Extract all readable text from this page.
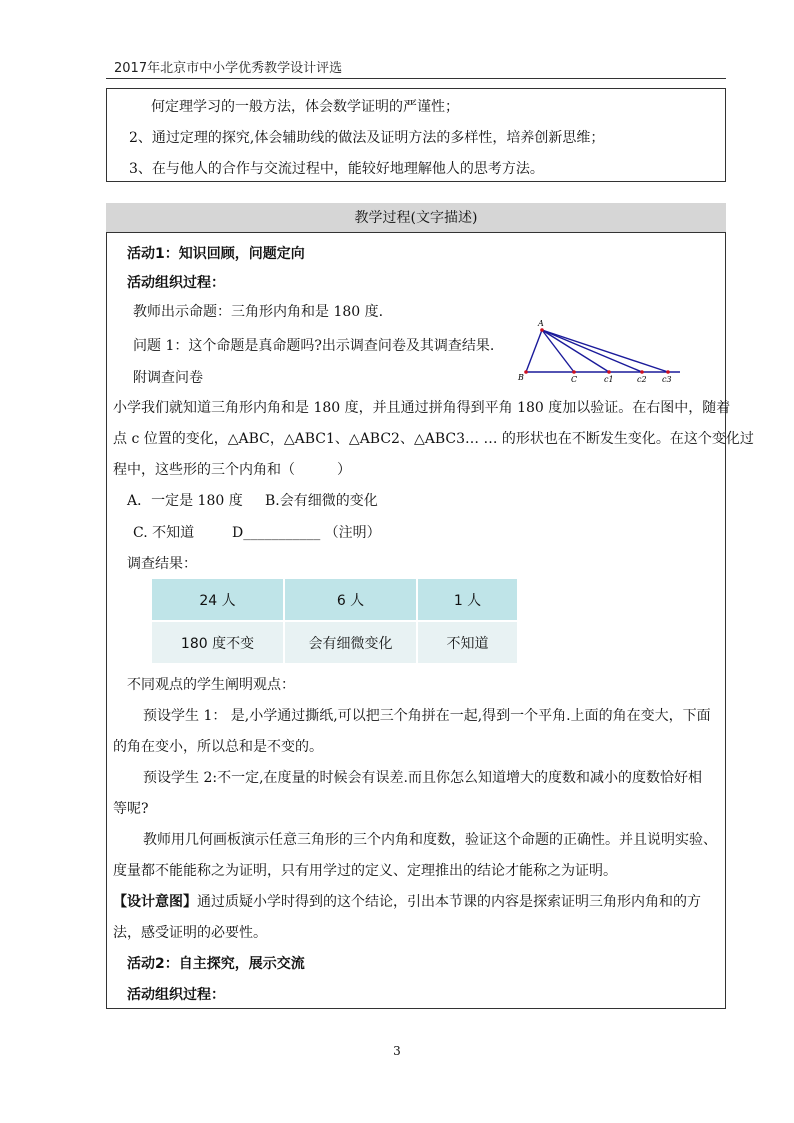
2017年北京市中小学优秀教学设计评选
何定理学习的一般方法，体会数学证明的严谨性；
2、通过定理的探究,体会辅助线的做法及证明方法的多样性，培养创新思维；
3、在与他人的合作与交流过程中，能较好地理解他人的思考方法。
教学过程(文字描述)
活动1：知识回顾，问题定向
活动组织过程：
教师出示命题：三角形内角和是 180 度.
问题 1：这个命题是真命题吗?出示调查问卷及其调查结果.
附调查问卷
A
B	C	c1	c2 c3
小学我们就知道三角形内角和是 180 度，并且通过拼角得到平角 180 度加以验证。在右图中，随着
点 c 位置的变化，△ABC，△ABC1、△ABC2、△ABC3… … 的形状也在不断发生变化。在这个变化过
程中，这些形的三个内角和（　　　）
A．一定是 180 度 B.会有细微的变化
C. 不知道	D___________ （注明）
调查结果：
24 人	6 人	1 人
180 度不变	会有细微变化	不知道
不同观点的学生阐明观点：
预设学生 1： 是,小学通过撕纸,可以把三个角拼在一起,得到一个平角.上面的角在变大，下面
的角在变小，所以总和是不变的。
预设学生 2:不一定,在度量的时候会有误差.而且你怎么知道增大的度数和减小的度数恰好相
等呢?
教师用几何画板演示任意三角形的三个内角和度数，验证这个命题的正确性。并且说明实验、
度量都不能能称之为证明，只有用学过的定义、定理推出的结论才能称之为证明。
【设计意图】通过质疑小学时得到的这个结论，引出本节课的内容是探索证明三角形内角和的方
法，感受证明的必要性。
活动2：自主探究，展示交流
活动组织过程：
3
